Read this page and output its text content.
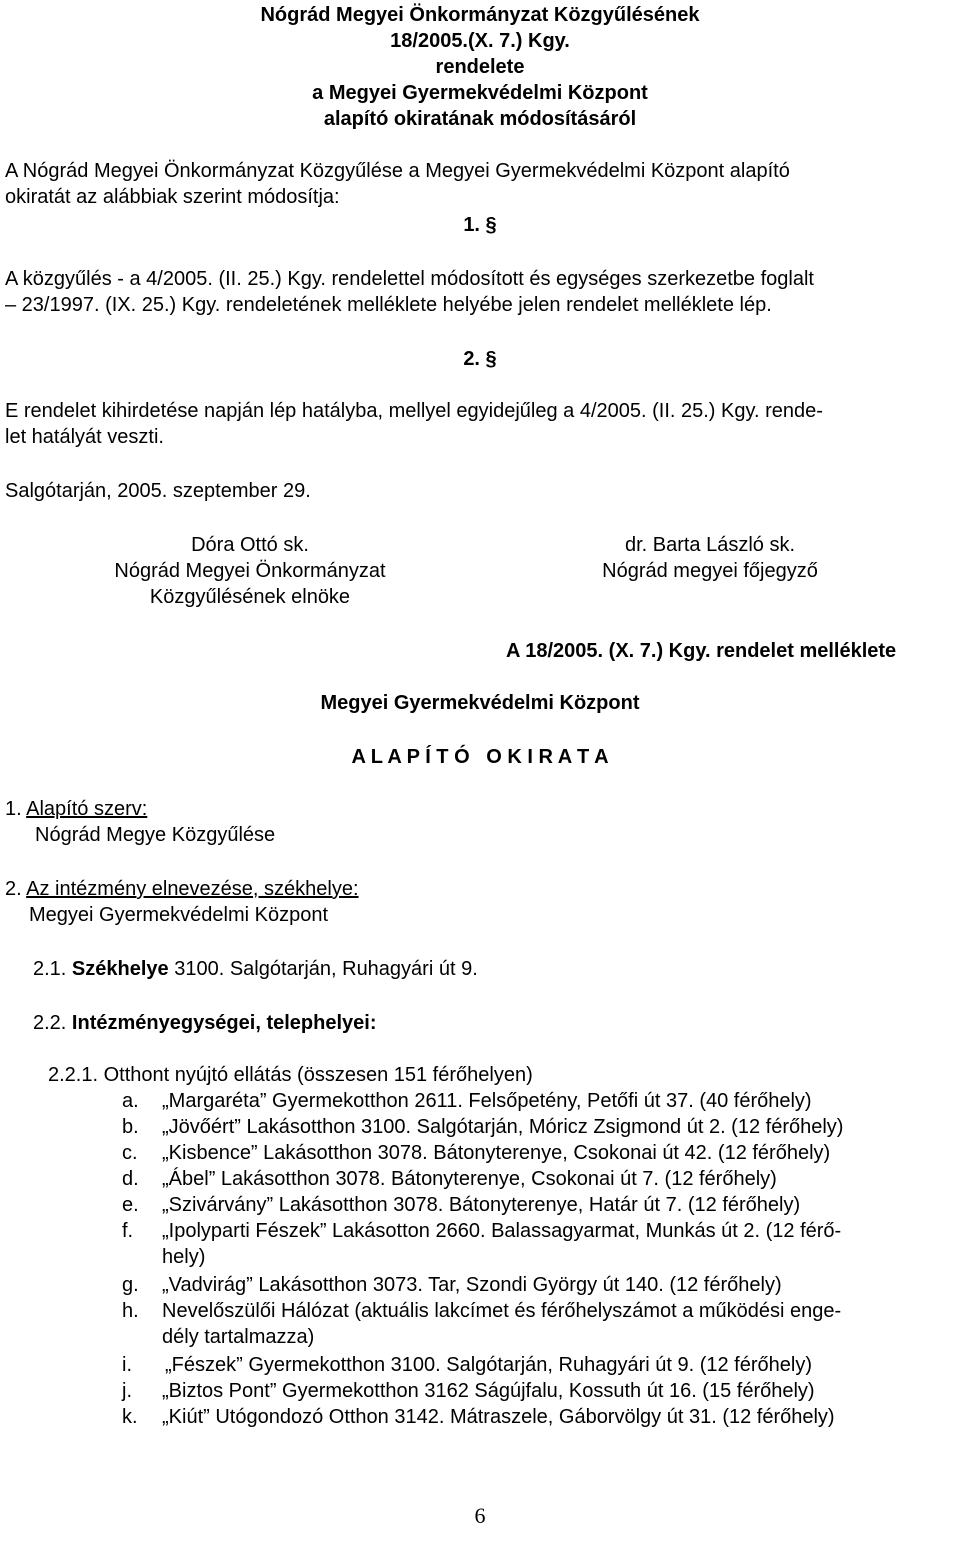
Nógrád Megyei Önkormányzat Közgyűlésének
18/2005.(X. 7.) Kgy.
rendelete
a Megyei Gyermekvédelmi Központ
alapító okiratának módosításáról
A Nógrád Megyei Önkormányzat Közgyűlése a Megyei Gyermekvédelmi Központ alapító
okiratát az alábbiak szerint módosítja:
1. §
A közgyűlés - a 4/2005. (II. 25.) Kgy. rendelettel módosított és egységes szerkezetbe foglalt
– 23/1997. (IX. 25.) Kgy. rendeletének melléklete helyébe jelen rendelet melléklete lép.
2. §
E rendelet kihirdetése napján lép hatályba, mellyel egyidejűleg a 4/2005. (II. 25.) Kgy. rende-
let hatályát veszti.
Salgótarján, 2005. szeptember 29.
Dóra Ottó sk.
Nógrád Megyei Önkormányzat
Közgyűlésének elnöke
dr. Barta László sk.
Nógrád megyei főjegyző
A 18/2005. (X. 7.) Kgy. rendelet melléklete
Megyei Gyermekvédelmi Központ
A L A P Í T Ó   O K I R A T A
1. Alapító szerv:
Nógrád Megye Közgyűlése
2. Az intézmény elnevezése, székhelye:
Megyei Gyermekvédelmi Központ
2.1. Székhelye 3100. Salgótarján, Ruhagyári út 9.
2.2. Intézményegységei, telephelyei:
2.2.1. Otthont nyújtó ellátás (összesen 151 férőhelyen)
a. „Margaréta” Gyermekotthon 2611. Felsőpetény, Petőfi út 37. (40 férőhely)
b. „Jövőért” Lakásotthon 3100. Salgótarján, Móricz Zsigmond út 2. (12 férőhely)
c. „Kisbence” Lakásotthon 3078. Bátonyterenye, Csokonai út 42. (12 férőhely)
d. „Ábel” Lakásotthon 3078. Bátonyterenye, Csokonai út 7. (12 férőhely)
e. „Szivárvány” Lakásotthon 3078. Bátonyterenye, Határ út 7. (12 férőhely)
f. „Ipolyparti Fészek” Lakásotton 2660. Balassagyarmat, Munkás út 2. (12 férő-
hely)
g. „Vadvirág” Lakásotthon 3073. Tar, Szondi György út 140. (12 férőhely)
h. Nevelőszülői Hálózat (aktuális lakcímet és férőhelyszámot a működési enge-
dély tartalmazza)
i. „Fészek” Gyermekotthon 3100. Salgótarján, Ruhagyári út 9. (12 férőhely)
j. „Biztos Pont” Gyermekotthon 3162 Ságújfalu, Kossuth út 16. (15 férőhely)
k. „Kiút” Utógondozó Otthon 3142. Mátraszele, Gáborvölgy út 31. (12 férőhely)
6
